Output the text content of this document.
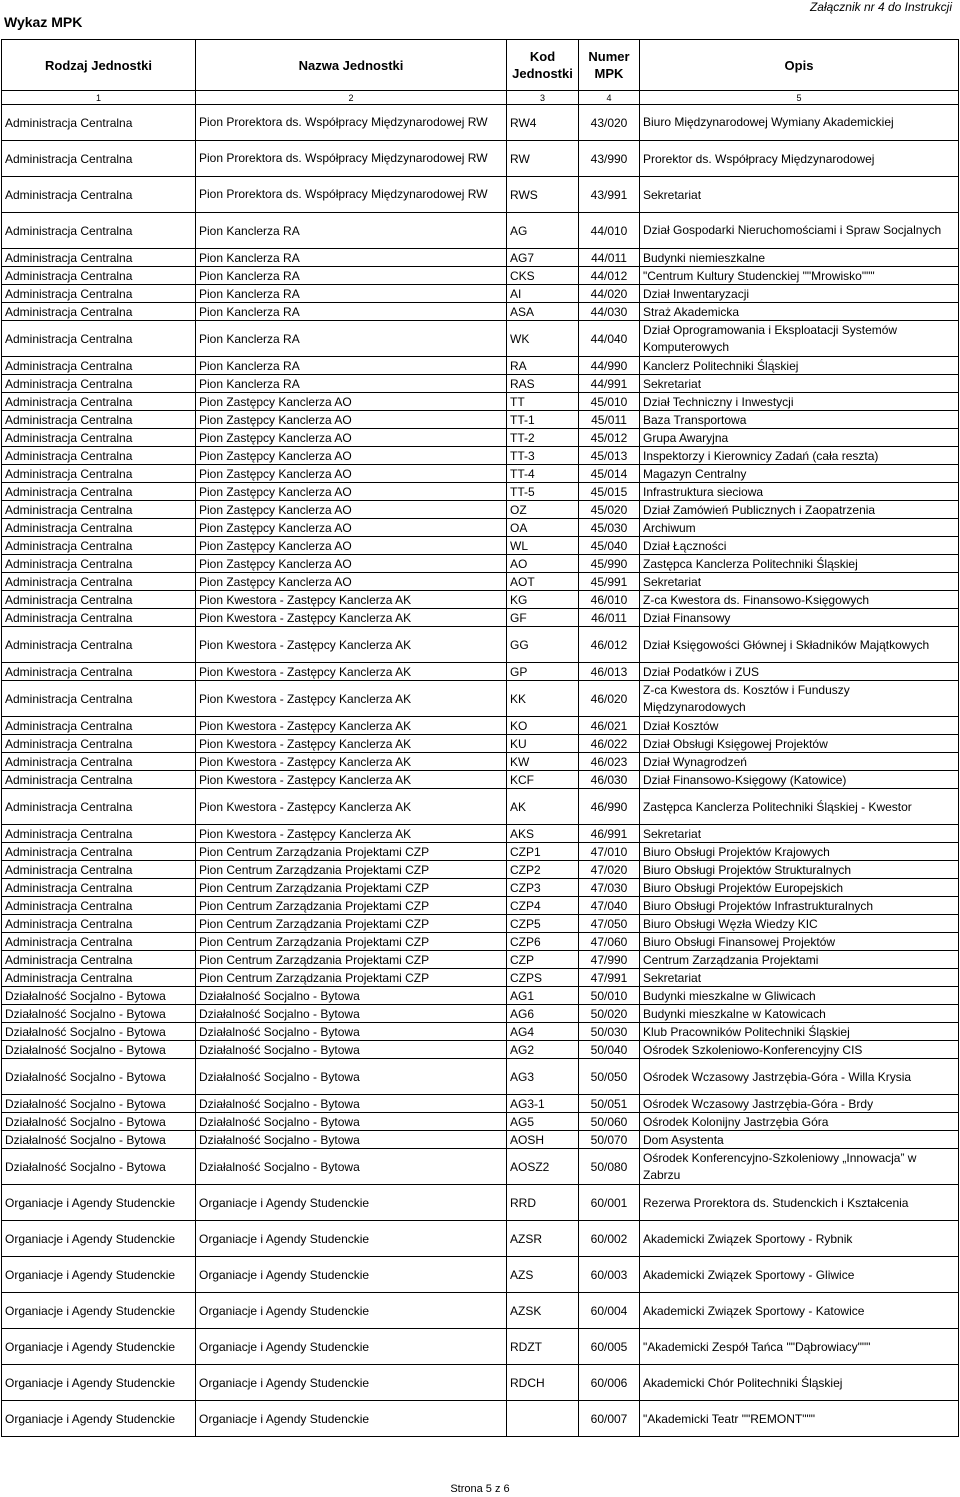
Wykaz MPK
Załącznik nr 4 do Instrukcji
Rodzaj Jednostki	Nazwa Jednostki	Kod Jednostki	Numer MPK	Opis
1	2	3	4	5
Administracja Centralna	Pion Prorektora ds. Współpracy Międzynarodowej RW	RW4	43/020	Biuro Międzynarodowej Wymiany Akademickiej
Administracja Centralna	Pion Prorektora ds. Współpracy Międzynarodowej RW	RW	43/990	Prorektor ds. Współpracy Międzynarodowej
Administracja Centralna	Pion Prorektora ds. Współpracy Międzynarodowej RW	RWS	43/991	Sekretariat
Administracja Centralna	Pion Kanclerza RA	AG	44/010	Dział Gospodarki Nieruchomościami i Spraw Socjalnych
Administracja Centralna	Pion Kanclerza RA	AG7	44/011	Budynki niemieszkalne
Administracja Centralna	Pion Kanclerza RA	CKS	44/012	"Centrum Kultury Studenckiej ""Mrowisko"""
Administracja Centralna	Pion Kanclerza RA	AI	44/020	Dział Inwentaryzacji
Administracja Centralna	Pion Kanclerza RA	ASA	44/030	Straż Akademicka
Administracja Centralna	Pion Kanclerza RA	WK	44/040	Dział Oprogramowania i Eksploatacji Systemów Komputerowych
Administracja Centralna	Pion Kanclerza RA	RA	44/990	Kanclerz Politechniki Śląskiej
Administracja Centralna	Pion Kanclerza RA	RAS	44/991	Sekretariat
Administracja Centralna	Pion Zastępcy Kanclerza AO	TT	45/010	Dział Techniczny i Inwestycji
Administracja Centralna	Pion Zastępcy Kanclerza AO	TT-1	45/011	Baza Transportowa
Administracja Centralna	Pion Zastępcy Kanclerza AO	TT-2	45/012	Grupa Awaryjna
Administracja Centralna	Pion Zastępcy Kanclerza AO	TT-3	45/013	Inspektorzy i Kierownicy Zadań (cała reszta)
Administracja Centralna	Pion Zastępcy Kanclerza AO	TT-4	45/014	Magazyn Centralny
Administracja Centralna	Pion Zastępcy Kanclerza AO	TT-5	45/015	Infrastruktura sieciowa
Administracja Centralna	Pion Zastępcy Kanclerza AO	OZ	45/020	Dział Zamówień Publicznych i Zaopatrzenia
Administracja Centralna	Pion Zastępcy Kanclerza AO	OA	45/030	Archiwum
Administracja Centralna	Pion Zastępcy Kanclerza AO	WL	45/040	Dział Łączności
Administracja Centralna	Pion Zastępcy Kanclerza AO	AO	45/990	Zastępca Kanclerza Politechniki Śląskiej
Administracja Centralna	Pion Zastępcy Kanclerza AO	AOT	45/991	Sekretariat
Administracja Centralna	Pion Kwestora - Zastępcy Kanclerza AK	KG	46/010	Z-ca Kwestora ds. Finansowo-Księgowych
Administracja Centralna	Pion Kwestora - Zastępcy Kanclerza AK	GF	46/011	Dział Finansowy
Administracja Centralna	Pion Kwestora - Zastępcy Kanclerza AK	GG	46/012	Dział Księgowości Głównej i Składników Majątkowych
Administracja Centralna	Pion Kwestora - Zastępcy Kanclerza AK	GP	46/013	Dział Podatków i ZUS
Administracja Centralna	Pion Kwestora - Zastępcy Kanclerza AK	KK	46/020	Z-ca Kwestora ds. Kosztów i Funduszy Międzynarodowych
Administracja Centralna	Pion Kwestora - Zastępcy Kanclerza AK	KO	46/021	Dział Kosztów
Administracja Centralna	Pion Kwestora - Zastępcy Kanclerza AK	KU	46/022	Dział Obsługi Księgowej Projektów
Administracja Centralna	Pion Kwestora - Zastępcy Kanclerza AK	KW	46/023	Dział Wynagrodzeń
Administracja Centralna	Pion Kwestora - Zastępcy Kanclerza AK	KCF	46/030	Dział Finansowo-Księgowy (Katowice)
Administracja Centralna	Pion Kwestora - Zastępcy Kanclerza AK	AK	46/990	Zastępca Kanclerza Politechniki Śląskiej - Kwestor
Administracja Centralna	Pion Kwestora - Zastępcy Kanclerza AK	AKS	46/991	Sekretariat
Administracja Centralna	Pion Centrum Zarządzania Projektami CZP	CZP1	47/010	Biuro Obsługi Projektów Krajowych
Administracja Centralna	Pion Centrum Zarządzania Projektami CZP	CZP2	47/020	Biuro Obsługi Projektów Strukturalnych
Administracja Centralna	Pion Centrum Zarządzania Projektami CZP	CZP3	47/030	Biuro Obsługi Projektów Europejskich
Administracja Centralna	Pion Centrum Zarządzania Projektami CZP	CZP4	47/040	Biuro Obsługi Projektów Infrastrukturalnych
Administracja Centralna	Pion Centrum Zarządzania Projektami CZP	CZP5	47/050	Biuro Obsługi Węzła Wiedzy KIC
Administracja Centralna	Pion Centrum Zarządzania Projektami CZP	CZP6	47/060	Biuro Obsługi Finansowej Projektów
Administracja Centralna	Pion Centrum Zarządzania Projektami CZP	CZP	47/990	Centrum Zarządzania Projektami
Administracja Centralna	Pion Centrum Zarządzania Projektami CZP	CZPS	47/991	Sekretariat
Działalność Socjalno - Bytowa	Działalność Socjalno - Bytowa	AG1	50/010	Budynki mieszkalne w Gliwicach
Działalność Socjalno - Bytowa	Działalność Socjalno - Bytowa	AG6	50/020	Budynki mieszkalne w Katowicach
Działalność Socjalno - Bytowa	Działalność Socjalno - Bytowa	AG4	50/030	Klub Pracowników Politechniki Śląskiej
Działalność Socjalno - Bytowa	Działalność Socjalno - Bytowa	AG2	50/040	Ośrodek Szkoleniowo-Konferencyjny CIS
Działalność Socjalno - Bytowa	Działalność Socjalno - Bytowa	AG3	50/050	Ośrodek Wczasowy Jastrzębia-Góra - Willa Krysia
Działalność Socjalno - Bytowa	Działalność Socjalno - Bytowa	AG3-1	50/051	Ośrodek Wczasowy Jastrzębia-Góra - Brdy
Działalność Socjalno - Bytowa	Działalność Socjalno - Bytowa	AG5	50/060	Ośrodek Kolonijny Jastrzębia Góra
Działalność Socjalno - Bytowa	Działalność Socjalno - Bytowa	AOSH	50/070	Dom Asystenta
Działalność Socjalno - Bytowa	Działalność Socjalno - Bytowa	AOSZ2	50/080	Ośrodek Konferencyjno-Szkoleniowy „Innowacja” w Zabrzu
Organiacje i Agendy Studenckie	Organiacje i Agendy Studenckie	RRD	60/001	Rezerwa Prorektora ds. Studenckich i Kształcenia
Organiacje i Agendy Studenckie	Organiacje i Agendy Studenckie	AZSR	60/002	Akademicki Związek Sportowy - Rybnik
Organiacje i Agendy Studenckie	Organiacje i Agendy Studenckie	AZS	60/003	Akademicki Związek Sportowy - Gliwice
Organiacje i Agendy Studenckie	Organiacje i Agendy Studenckie	AZSK	60/004	Akademicki Związek Sportowy - Katowice
Organiacje i Agendy Studenckie	Organiacje i Agendy Studenckie	RDZT	60/005	"Akademicki Zespół Tańca ""Dąbrowiacy"""
Organiacje i Agendy Studenckie	Organiacje i Agendy Studenckie	RDCH	60/006	Akademicki Chór Politechniki Śląskiej
Organiacje i Agendy Studenckie	Organiacje i Agendy Studenckie		60/007	"Akademicki Teatr ""REMONT"""
Strona 5 z 6
